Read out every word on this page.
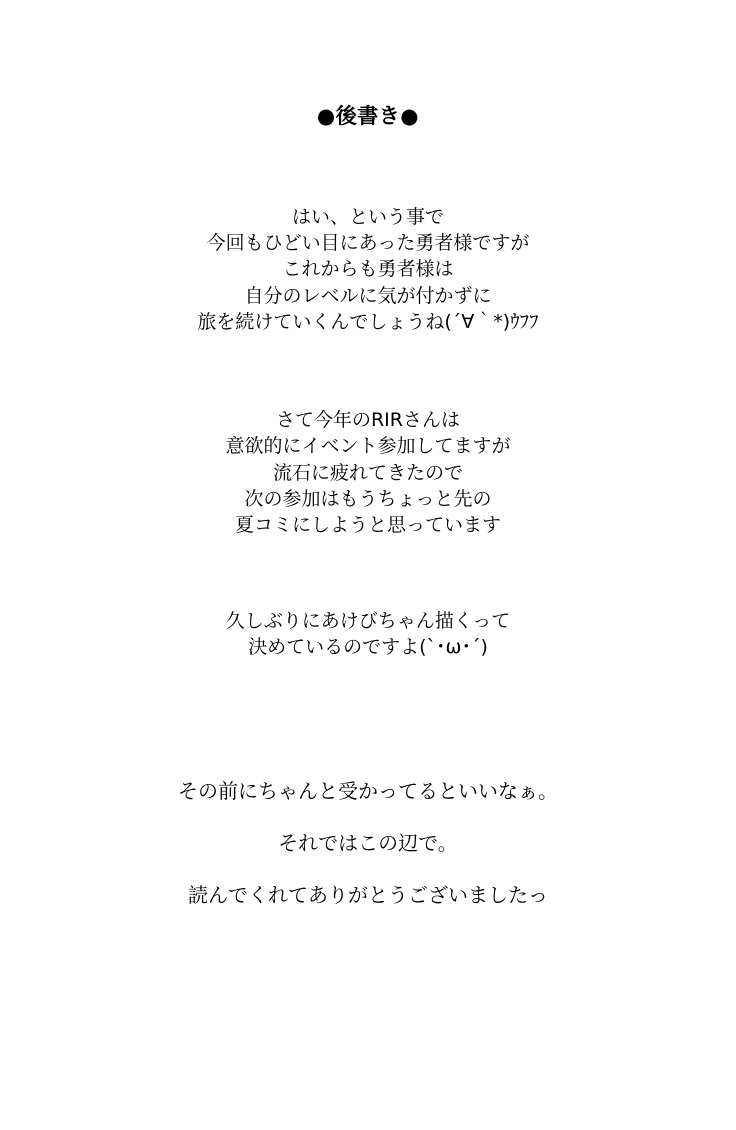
●後書き●

はい、という事で

今回もひどい目にあった勇者様ですが

これからも勇者様は

自分のレベルに気が付かずに

旅を続けていくんでしょうね(´∀｀*)ｳﾌﾌ

さて今年のRIRさんは

意欲的にイベント参加してますが

流石に疲れてきたので

次の参加はもうちょっと先の

夏コミにしようと思っています

久しぶりにあけびちゃん描くって

決めているのですよ(`･ω･´)

その前にちゃんと受かってるといいなぁ。

それではこの辺で。

読んでくれてありがとうございましたっ
